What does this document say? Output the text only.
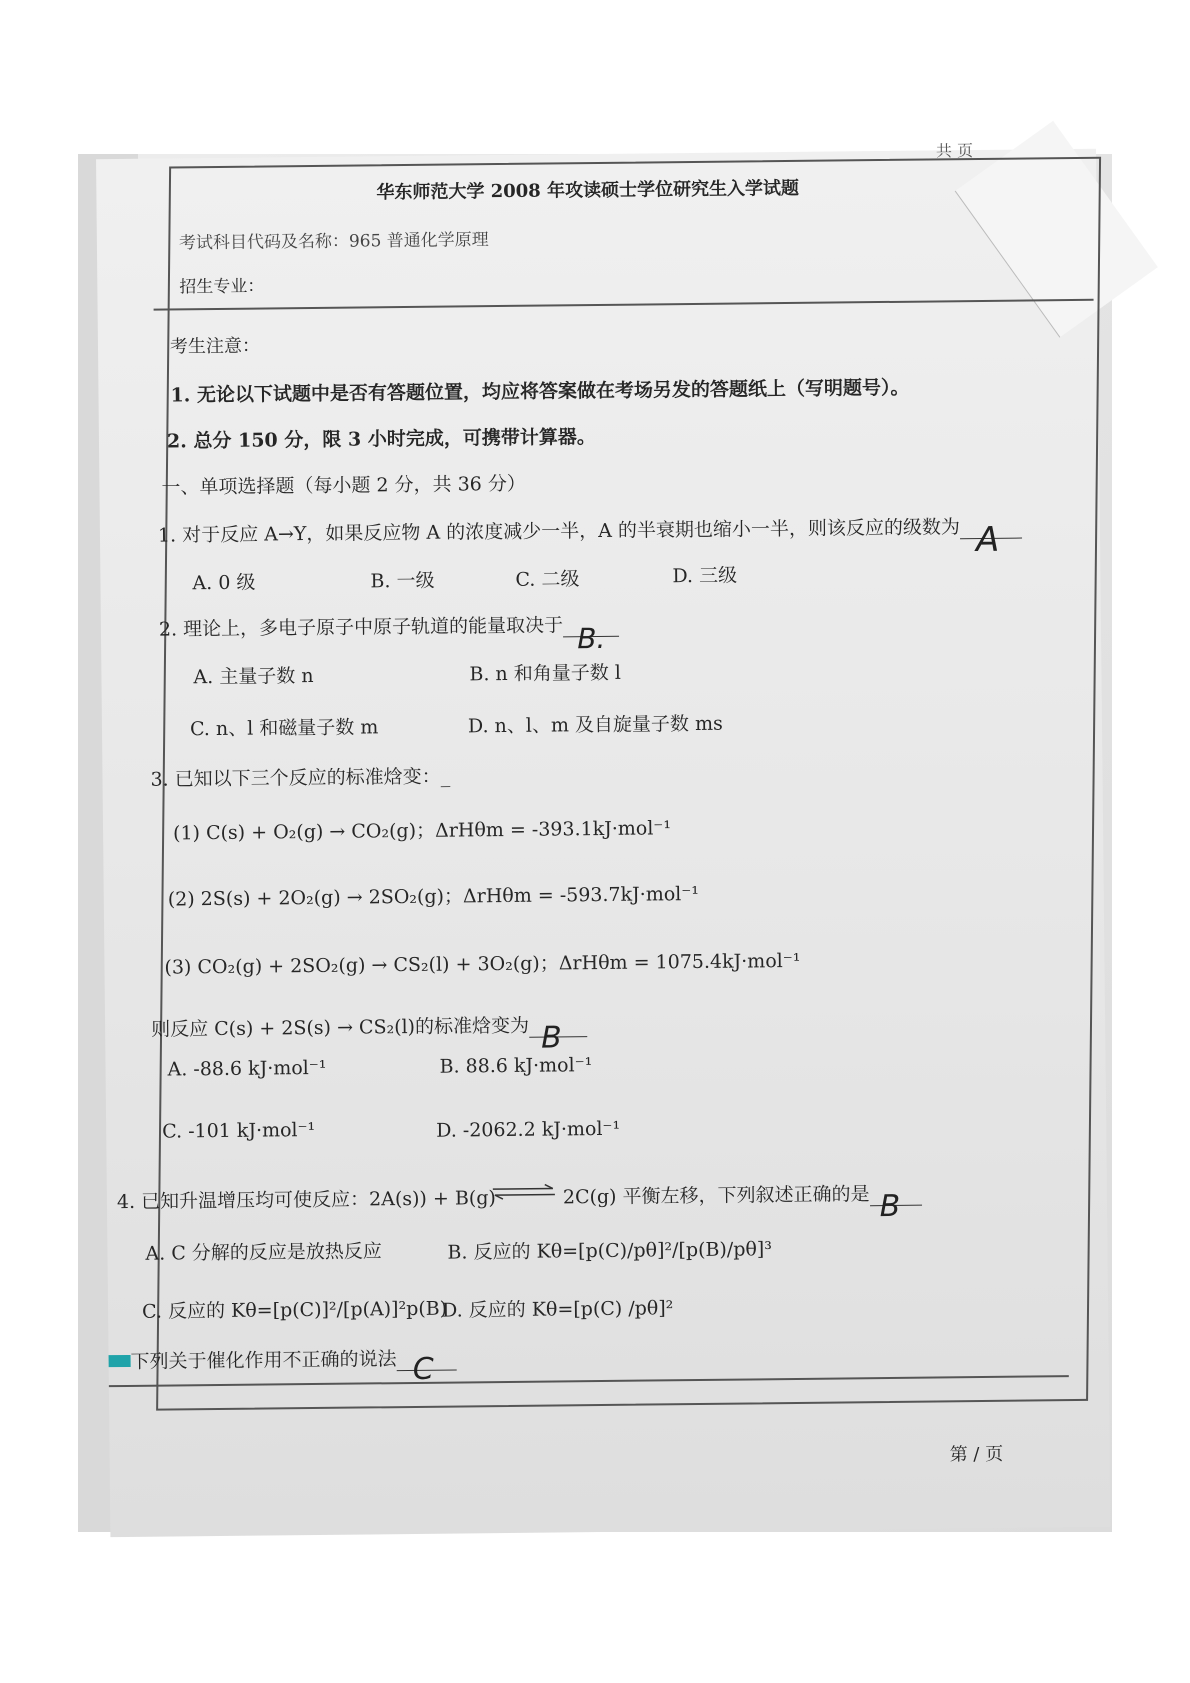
共 页
华东师范大学 2008 年攻读硕士学位研究生入学试题
考试科目代码及名称：965 普通化学原理
招生专业：
考生注意：
1. 无论以下试题中是否有答题位置，均应将答案做在考场另发的答题纸上（写明题号）。
2. 总分 150 分，限 3 小时完成，可携带计算器。
一、单项选择题（每小题 2 分，共 36 分）
1. 对于反应 A→Y，如果反应物 A 的浓度减少一半，A 的半衰期也缩小一半，则该反应的级数为 A
A. 0 级	B. 一级	C. 二级	D. 三级
2. 理论上，多电子原子中原子轨道的能量取决于 B.
A. 主量子数 n	B. n 和角量子数 l
C. n、l 和磁量子数 m	D. n、l、m 及自旋量子数 ms
3. 已知以下三个反应的标准焓变：_
(1) C(s) + O₂(g) → CO₂(g)；ΔrHθm = -393.1kJ·mol⁻¹
(2) 2S(s) + 2O₂(g) → 2SO₂(g)；ΔrHθm = -593.7kJ·mol⁻¹
(3) CO₂(g) + 2SO₂(g) → CS₂(l) + 3O₂(g)；ΔrHθm = 1075.4kJ·mol⁻¹
则反应 C(s) + 2S(s) → CS₂(l)的标准焓变为 B
A. -88.6 kJ·mol⁻¹	B. 88.6 kJ·mol⁻¹
C. -101 kJ·mol⁻¹	D. -2062.2 kJ·mol⁻¹
4. 已知升温增压均可使反应：2A(s)) + B(g)	2C(g) 平衡左移，下列叙述正确的是 B
A. C 分解的反应是放热反应	B. 反应的 Kθ=[p(C)/pθ]²/[p(B)/pθ]³
C. 反应的 Kθ=[p(C)]²/[p(A)]²p(B)
D. 反应的 Kθ=[p(C) /pθ]²
下列关于催化作用不正确的说法 C
第 / 页
